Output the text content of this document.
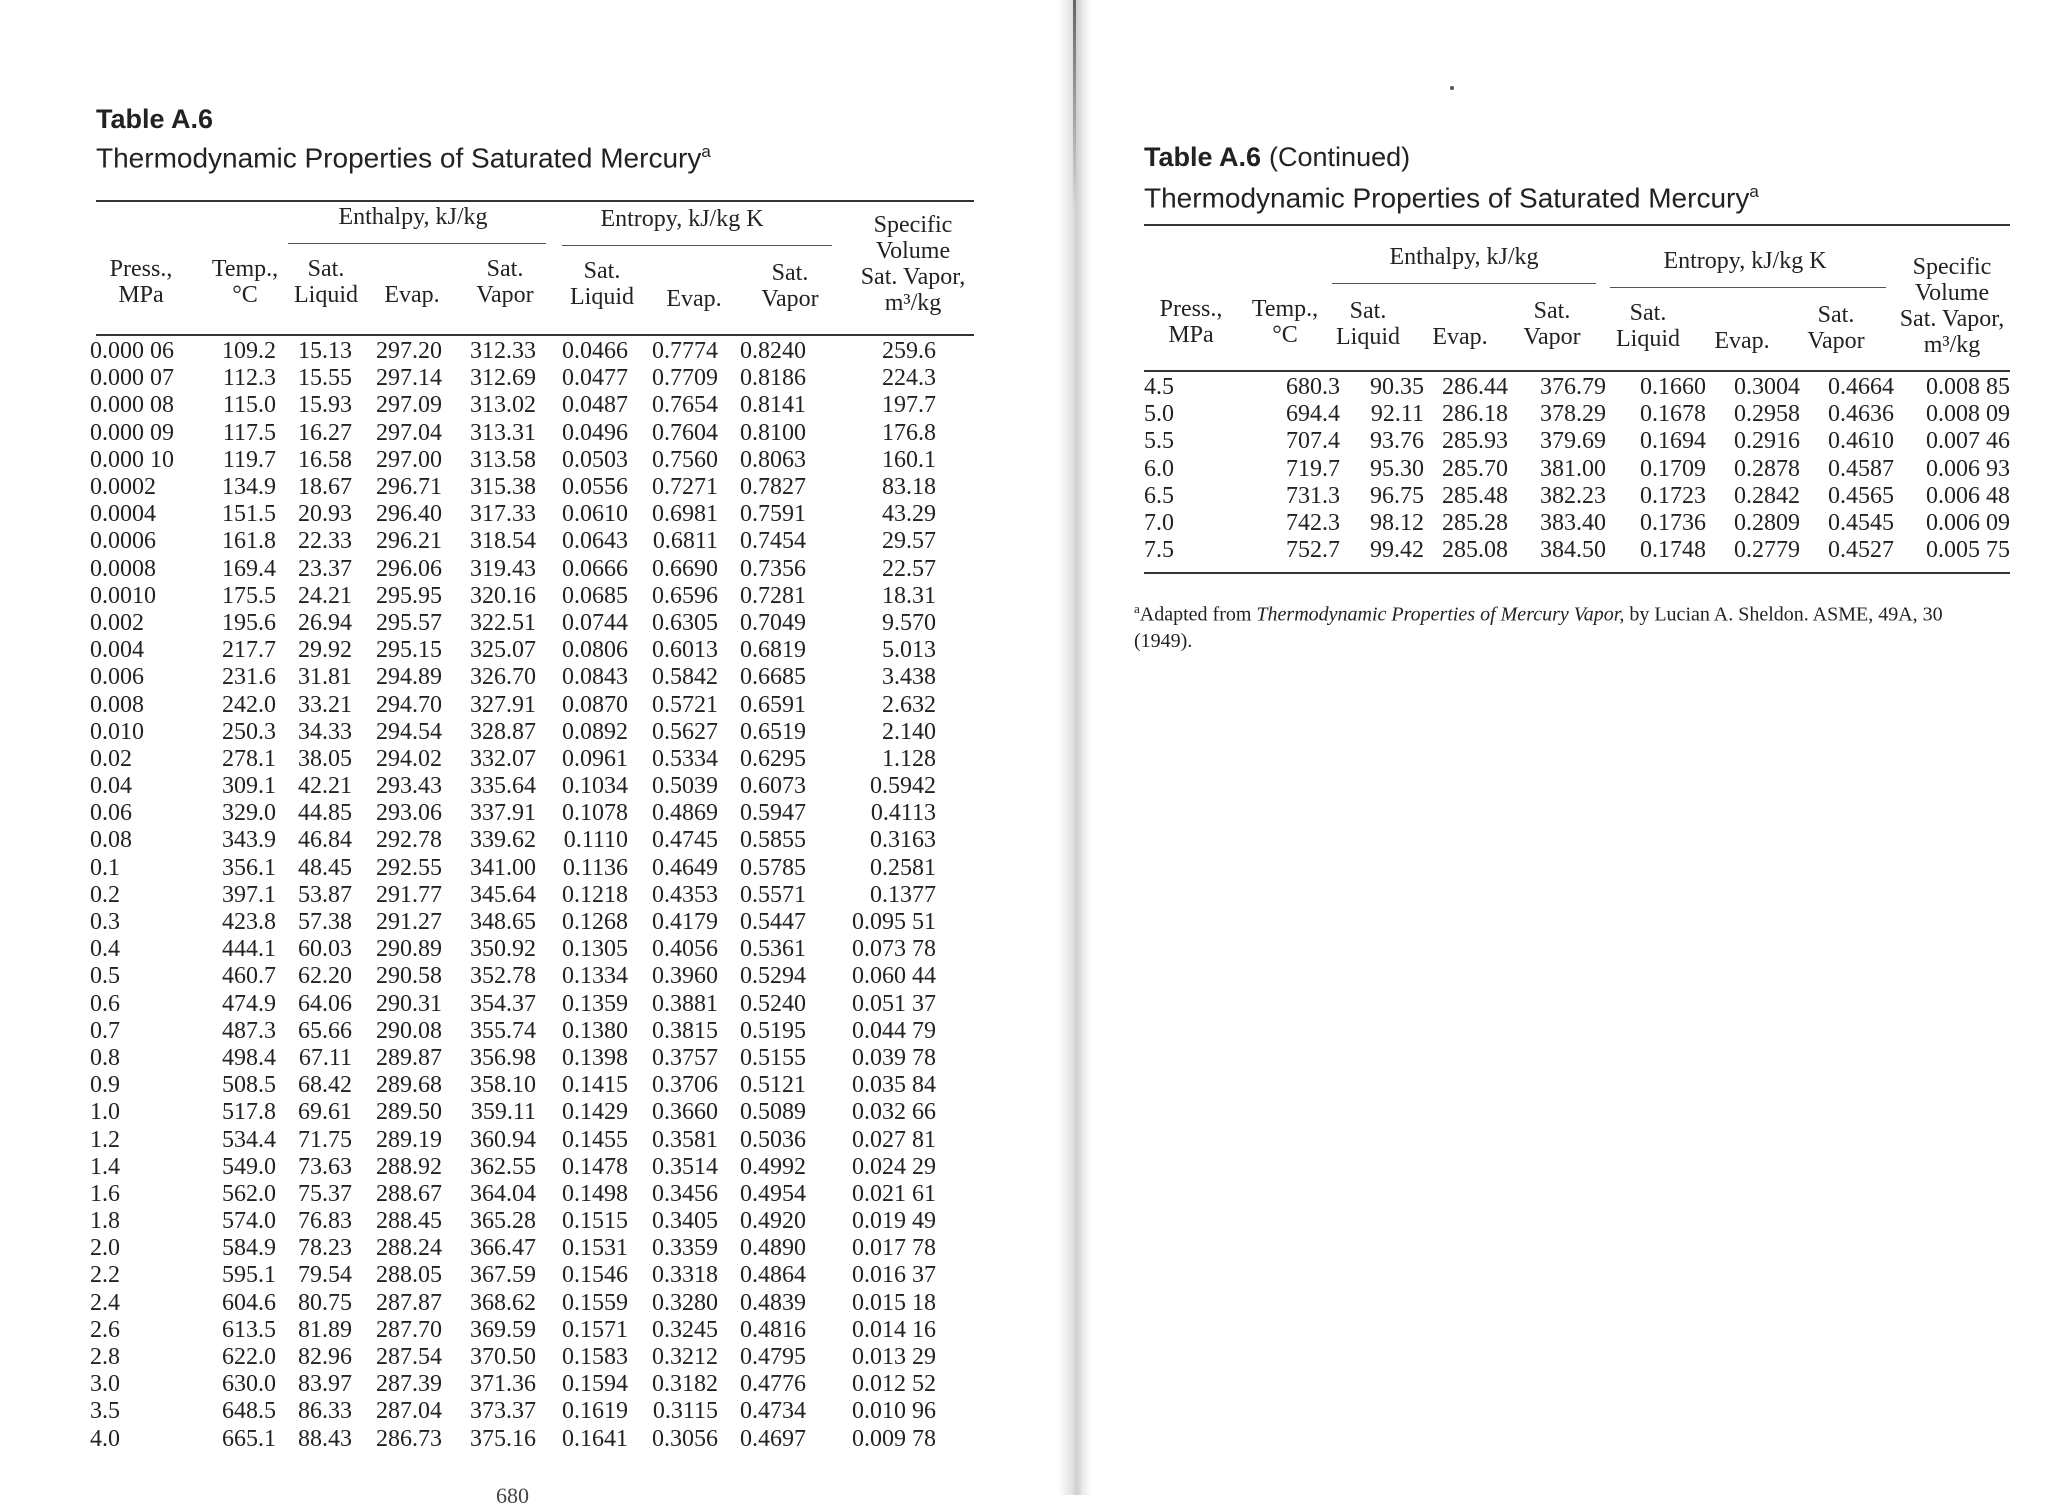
Table A.6
Thermodynamic Properties of Saturated Mercury$^a$
Enthalpy, kJ/kg	Entropy, kJ/kg K	Specific Volume Sat. Vapor, m³/kg
Press., MPa
Temp., °C
Sat. Liquid	Evap.
Sat. Vapor
Sat. Liquid	Evap.
Sat. Vapor
0.000 06	109.2	15.13	297.20	312.33	0.0466	0.7774	0.8240	259.6
0.000 07	112.3	15.55	297.14	312.69	0.0477	0.7709	0.8186	224.3
0.000 08	115.0	15.93	297.09	313.02	0.0487	0.7654	0.8141	197.7
0.000 09	117.5	16.27	297.04	313.31	0.0496	0.7604	0.8100	176.8
0.000 10	119.7	16.58	297.00	313.58	0.0503	0.7560	0.8063	160.1
0.0002	134.9	18.67	296.71	315.38	0.0556	0.7271	0.7827	83.18
0.0004	151.5	20.93	296.40	317.33	0.0610	0.6981	0.7591	43.29
0.0006	161.8	22.33	296.21	318.54	0.0643	0.6811	0.7454	29.57
0.0008	169.4	23.37	296.06	319.43	0.0666	0.6690	0.7356	22.57
0.0010	175.5	24.21	295.95	320.16	0.0685	0.6596	0.7281	18.31
0.002	195.6	26.94	295.57	322.51	0.0744	0.6305	0.7049	9.570
0.004	217.7	29.92	295.15	325.07	0.0806	0.6013	0.6819	5.013
0.006	231.6	31.81	294.89	326.70	0.0843	0.5842	0.6685	3.438
0.008	242.0	33.21	294.70	327.91	0.0870	0.5721	0.6591	2.632
0.010	250.3	34.33	294.54	328.87	0.0892	0.5627	0.6519	2.140
0.02	278.1	38.05	294.02	332.07	0.0961	0.5334	0.6295	1.128
0.04	309.1	42.21	293.43	335.64	0.1034	0.5039	0.6073	0.5942
0.06	329.0	44.85	293.06	337.91	0.1078	0.4869	0.5947	0.4113
0.08	343.9	46.84	292.78	339.62	0.1110	0.4745	0.5855	0.3163
0.1	356.1	48.45	292.55	341.00	0.1136	0.4649	0.5785	0.2581
0.2	397.1	53.87	291.77	345.64	0.1218	0.4353	0.5571	0.1377
0.3	423.8	57.38	291.27	348.65	0.1268	0.4179	0.5447	0.095 51
0.4	444.1	60.03	290.89	350.92	0.1305	0.4056	0.5361	0.073 78
0.5	460.7	62.20	290.58	352.78	0.1334	0.3960	0.5294	0.060 44
0.6	474.9	64.06	290.31	354.37	0.1359	0.3881	0.5240	0.051 37
0.7	487.3	65.66	290.08	355.74	0.1380	0.3815	0.5195	0.044 79
0.8	498.4	67.11	289.87	356.98	0.1398	0.3757	0.5155	0.039 78
0.9	508.5	68.42	289.68	358.10	0.1415	0.3706	0.5121	0.035 84
1.0	517.8	69.61	289.50	359.11	0.1429	0.3660	0.5089	0.032 66
1.2	534.4	71.75	289.19	360.94	0.1455	0.3581	0.5036	0.027 81
1.4	549.0	73.63	288.92	362.55	0.1478	0.3514	0.4992	0.024 29
1.6	562.0	75.37	288.67	364.04	0.1498	0.3456	0.4954	0.021 61
1.8	574.0	76.83	288.45	365.28	0.1515	0.3405	0.4920	0.019 49
2.0	584.9	78.23	288.24	366.47	0.1531	0.3359	0.4890	0.017 78
2.2	595.1	79.54	288.05	367.59	0.1546	0.3318	0.4864	0.016 37
2.4	604.6	80.75	287.87	368.62	0.1559	0.3280	0.4839	0.015 18
2.6	613.5	81.89	287.70	369.59	0.1571	0.3245	0.4816	0.014 16
2.8	622.0	82.96	287.54	370.50	0.1583	0.3212	0.4795	0.013 29
3.0	630.0	83.97	287.39	371.36	0.1594	0.3182	0.4776	0.012 52
3.5	648.5	86.33	287.04	373.37	0.1619	0.3115	0.4734	0.010 96
4.0	665.1	88.43	286.73	375.16	0.1641	0.3056	0.4697	0.009 78
680
Table A.6 (Continued)
Thermodynamic Properties of Saturated Mercury$^a$
Enthalpy, kJ/kg	Entropy, kJ/kg K	Specific Volume Sat. Vapor, m³/kg
Press., MPa
Temp., °C
Sat. Liquid	Evap.
Sat. Vapor
Sat. Liquid	Evap.
Sat. Vapor
4.5	680.3	90.35	286.44	376.79	0.1660	0.3004	0.4664	0.008 85
5.0	694.4	92.11	286.18	378.29	0.1678	0.2958	0.4636	0.008 09
5.5	707.4	93.76	285.93	379.69	0.1694	0.2916	0.4610	0.007 46
6.0	719.7	95.30	285.70	381.00	0.1709	0.2878	0.4587	0.006 93
6.5	731.3	96.75	285.48	382.23	0.1723	0.2842	0.4565	0.006 48
7.0	742.3	98.12	285.28	383.40	0.1736	0.2809	0.4545	0.006 09
7.5	752.7	99.42	285.08	384.50	0.1748	0.2779	0.4527	0.005 75
$^a$Adapted from Thermodynamic Properties of Mercury Vapor, by Lucian A. Sheldon. ASME, 49A, 30 (1949).
